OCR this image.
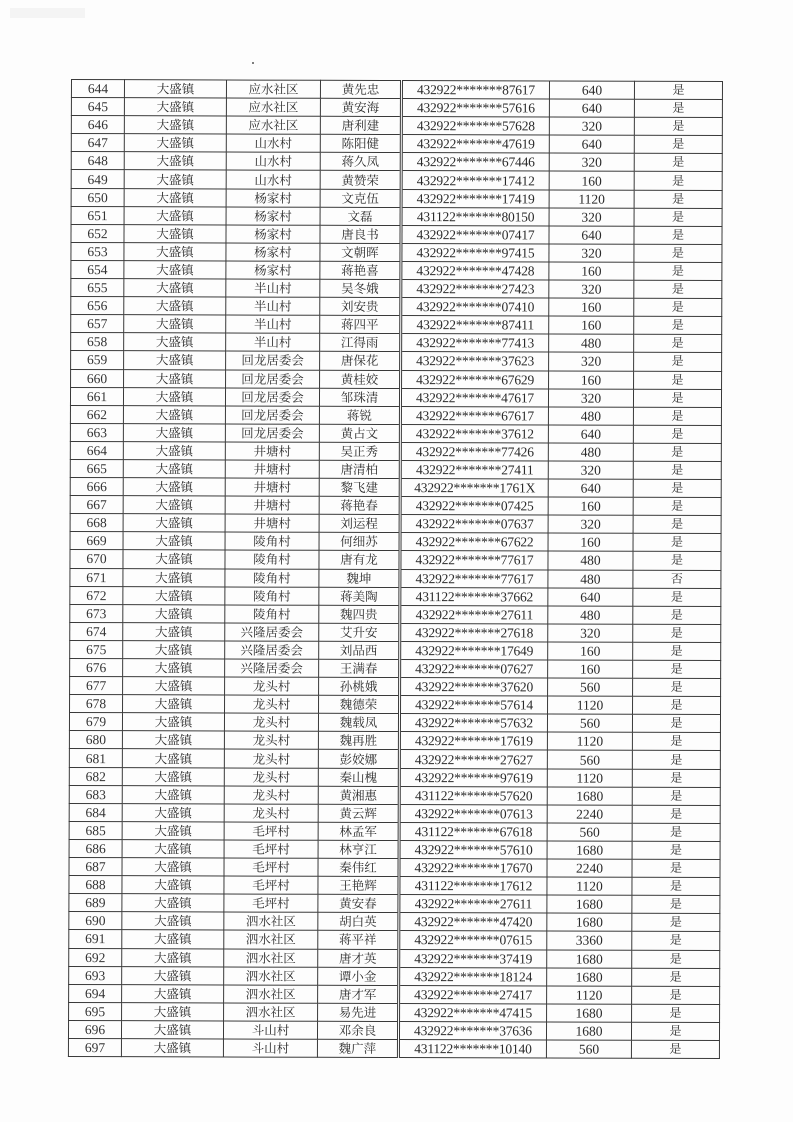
644	大盛镇	应水社区	黄先忠	432922*******87617	640	是
645	大盛镇	应水社区	黄安海	432922*******57616	640	是
646	大盛镇	应水社区	唐利建	432922*******57628	320	是
647	大盛镇	山水村	陈阳健	432922*******47619	640	是
648	大盛镇	山水村	蒋久凤	432922*******67446	320	是
649	大盛镇	山水村	黄赞荣	432922*******17412	160	是
650	大盛镇	杨家村	文克伍	432922*******17419	1120	是
651	大盛镇	杨家村	文磊	431122*******80150	320	是
652	大盛镇	杨家村	唐良书	432922*******07417	640	是
653	大盛镇	杨家村	文朝晖	432922*******97415	320	是
654	大盛镇	杨家村	蒋艳喜	432922*******47428	160	是
655	大盛镇	半山村	吴冬娥	432922*******27423	320	是
656	大盛镇	半山村	刘安贵	432922*******07410	160	是
657	大盛镇	半山村	蒋四平	432922*******87411	160	是
658	大盛镇	半山村	江得雨	432922*******77413	480	是
659	大盛镇	回龙居委会	唐保花	432922*******37623	320	是
660	大盛镇	回龙居委会	黄桂姣	432922*******67629	160	是
661	大盛镇	回龙居委会	邹珠清	432922*******47617	320	是
662	大盛镇	回龙居委会	蒋锐	432922*******67617	480	是
663	大盛镇	回龙居委会	黄占文	432922*******37612	640	是
664	大盛镇	井塘村	吴正秀	432922*******77426	480	是
665	大盛镇	井塘村	唐清柏	432922*******27411	320	是
666	大盛镇	井塘村	黎飞建	432922*******1761X	640	是
667	大盛镇	井塘村	蒋艳春	432922*******07425	160	是
668	大盛镇	井塘村	刘运程	432922*******07637	320	是
669	大盛镇	陵角村	何细苏	432922*******67622	160	是
670	大盛镇	陵角村	唐有龙	432922*******77617	480	是
671	大盛镇	陵角村	魏坤	432922*******77617	480	否
672	大盛镇	陵角村	蒋美陶	431122*******37662	640	是
673	大盛镇	陵角村	魏四贵	432922*******27611	480	是
674	大盛镇	兴隆居委会	艾升安	432922*******27618	320	是
675	大盛镇	兴隆居委会	刘品西	432922*******17649	160	是
676	大盛镇	兴隆居委会	王满春	432922*******07627	160	是
677	大盛镇	龙头村	孙桃娥	432922*******37620	560	是
678	大盛镇	龙头村	魏德荣	432922*******57614	1120	是
679	大盛镇	龙头村	魏载凤	432922*******57632	560	是
680	大盛镇	龙头村	魏再胜	432922*******17619	1120	是
681	大盛镇	龙头村	彭姣娜	432922*******27627	560	是
682	大盛镇	龙头村	秦山槐	432922*******97619	1120	是
683	大盛镇	龙头村	黄湘惠	431122*******57620	1680	是
684	大盛镇	龙头村	黄云辉	432922*******07613	2240	是
685	大盛镇	毛坪村	林孟军	431122*******67618	560	是
686	大盛镇	毛坪村	林亨江	432922*******57610	1680	是
687	大盛镇	毛坪村	秦伟红	432922*******17670	2240	是
688	大盛镇	毛坪村	王艳辉	431122*******17612	1120	是
689	大盛镇	毛坪村	黄安春	432922*******27611	1680	是
690	大盛镇	泗水社区	胡白英	432922*******47420	1680	是
691	大盛镇	泗水社区	蒋平祥	432922*******07615	3360	是
692	大盛镇	泗水社区	唐才英	432922*******37419	1680	是
693	大盛镇	泗水社区	谭小金	432922*******18124	1680	是
694	大盛镇	泗水社区	唐才军	432922*******27417	1120	是
695	大盛镇	泗水社区	易先进	432922*******47415	1680	是
696	大盛镇	斗山村	邓余良	432922*******37636	1680	是
697	大盛镇	斗山村	魏广萍	431122*******10140	560	是
